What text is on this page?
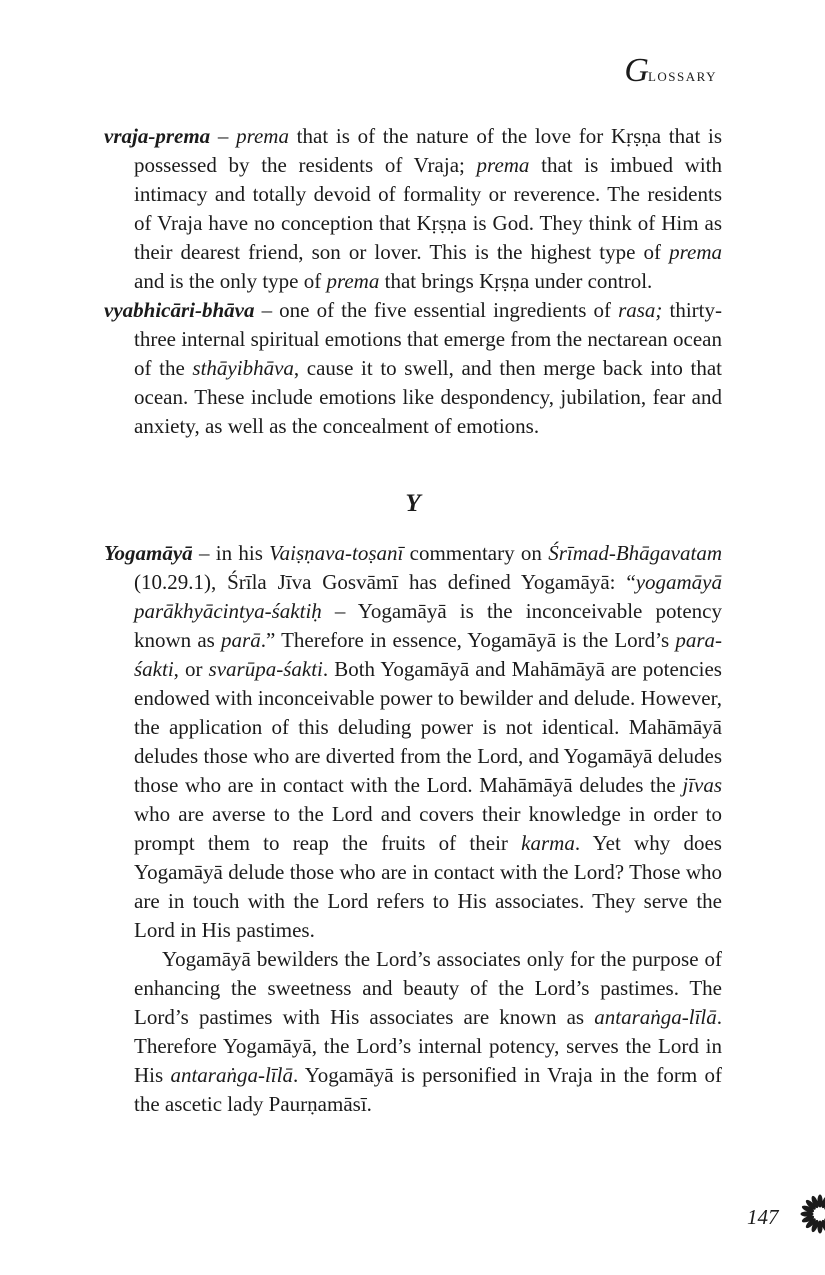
G LOSSARY

vraja-prema – prema that is of the nature of the love for Kṛṣṇa that is possessed by the residents of Vraja; prema that is imbued with intimacy and totally devoid of formality or reverence. The residents of Vraja have no conception that Kṛṣṇa is God. They think of Him as their dearest friend, son or lover. This is the highest type of prema and is the only type of prema that brings Kṛṣṇa under control.

vyabhicāri-bhāva – one of the five essential ingredients of rasa; thirty-three internal spiritual emotions that emerge from the nectarean ocean of the sthāyibhāva, cause it to swell, and then merge back into that ocean. These include emotions like despondency, jubilation, fear and anxiety, as well as the concealment of emotions.

Y

Yogamāyā – in his Vaiṣṇava-toṣanī commentary on Śrīmad-Bhāgavatam (10.29.1), Śrīla Jīva Gosvāmī has defined Yogamāyā: “yogamāyā parākhyācintya-śaktiḥ – Yogamāyā is the inconceivable potency known as parā.” Therefore in essence, Yogamāyā is the Lord’s para-śakti, or svarūpa-śakti. Both Yogamāyā and Mahāmāyā are potencies endowed with inconceivable power to bewilder and delude. However, the application of this deluding power is not identical. Mahāmāyā deludes those who are diverted from the Lord, and Yogamāyā deludes those who are in contact with the Lord. Mahāmāyā deludes the jīvas who are averse to the Lord and covers their knowledge in order to prompt them to reap the fruits of their karma. Yet why does Yogamāyā delude those who are in contact with the Lord? Those who are in touch with the Lord refers to His associates. They serve the Lord in His pastimes.

Yogamāyā bewilders the Lord’s associates only for the purpose of enhancing the sweetness and beauty of the Lord’s pastimes. The Lord’s pastimes with His associates are known as antaraṅga-līlā. Therefore Yogamāyā, the Lord’s internal potency, serves the Lord in His antaraṅga-līlā. Yogamāyā is personified in Vraja in the form of the ascetic lady Paurṇamāsī.

147
